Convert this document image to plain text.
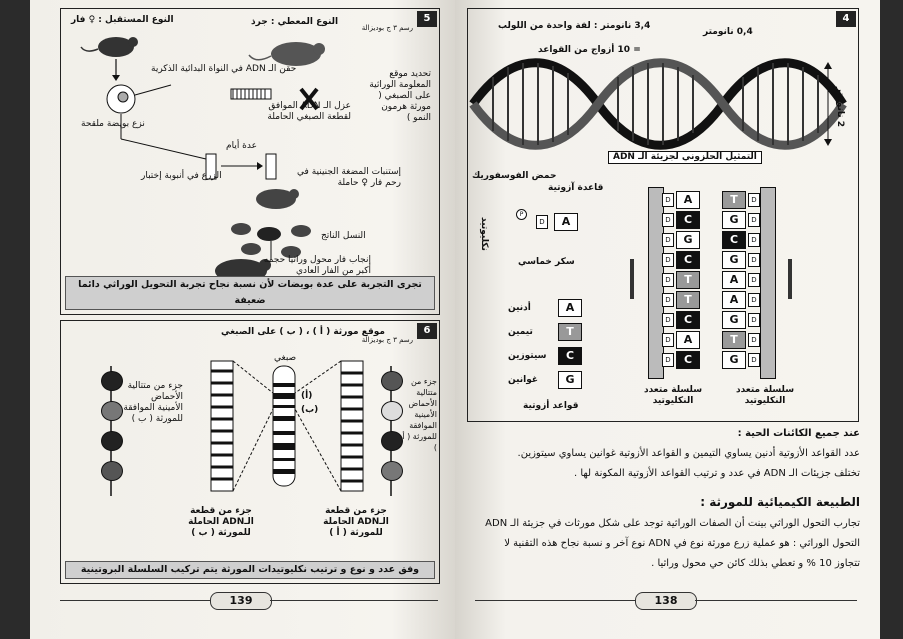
5
رسم ٣ ج بوديزالة
النوع المستقبل : ♀ فار	النوع المعطي : جرذ
حقن الـ ADN في النواة البدائية الذكرية	تحديد موقع المعلومة الوراثية على الصبغي ( مورثة هرمون النمو )
عزل الـ ADN الموافق لقطعة الصبغي الحاملة
نزع بويضة ملقحة
عدة أيام
الزرع في أنبوبة إختبار	إستنبات المضغة الجنينية في رحم فار ♀ حاملة
النسل الناتج
إنجاب فار محول وراثيا حجمه أكبر من الفار العادي
تجرى التجربة على عدة بويضات لأن نسبة نجاح تجربة التحويل الوراثي دائما ضعيفة
6
رسم ٣ ج بوديزالة
موقع مورثة ( أ ) ، ( ب ) على الصبغي
صبغي
(أ)
(ب)
جزء من متتالية الأحماض الأمينية الموافقة للمورثة ( أ )
جزء من متتالية الأحماض الأمينية الموافقة للمورثة ( ب )
جزء من قطعة الـADN الحاملة للمورثة ( أ )
جزء من قطعة الـADN الحاملة للمورثة ( ب )
وفق عدد و نوع و ترتيب نكليوتيدات المورثة يتم تركيب السلسلة البروتينية
139
4
3,4 نانومتر : لفة واحدة من اللولب
0,4 نانومتر
= 10 أزواج من القواعد
2 نانومتر
التمثيل الحلزوني لجزيئة الـ ADN
حمض الفوسفوريك
قاعدة آزوتية
نكليوتيد
P
D	A
سكر خماسي
أدنين	A
تيمين	T
سيتوزين	C
غوانين	G
قواعد أزوتية
D	A	T	D
D	C	G	D
D	G	C	D
D	C	G	D
D	T	A	D
D	T	A	D
D	C	G	D
D	A	T	D
D	C	G	D
سلسلة متعدد النكليوتيد
سلسلة متعدد النكليوتيد
عند جميع الكائنات الحية :
عدد القواعد الأزوتية أدنين يساوي التيمين و القواعد الأزوتية غوانين يساوي سيتوزين.
تختلف جزيئات الـ ADN في عدد و ترتيب القواعد الأزوتية المكونة لها .
الطبيعة الكيميائية للمورثة :
تجارب التحول الوراثي بينت أن الصفات الوراثية توجد على شكل مورثات في جزيئة الـ ADN
التحول الوراثي : هو عملية زرع مورثة نوع في ADN نوع آخر و نسبة نجاح هذه التقنية لا
تتجاوز 10 % و تعطي بذلك كائن حي محول وراثيا .
138
